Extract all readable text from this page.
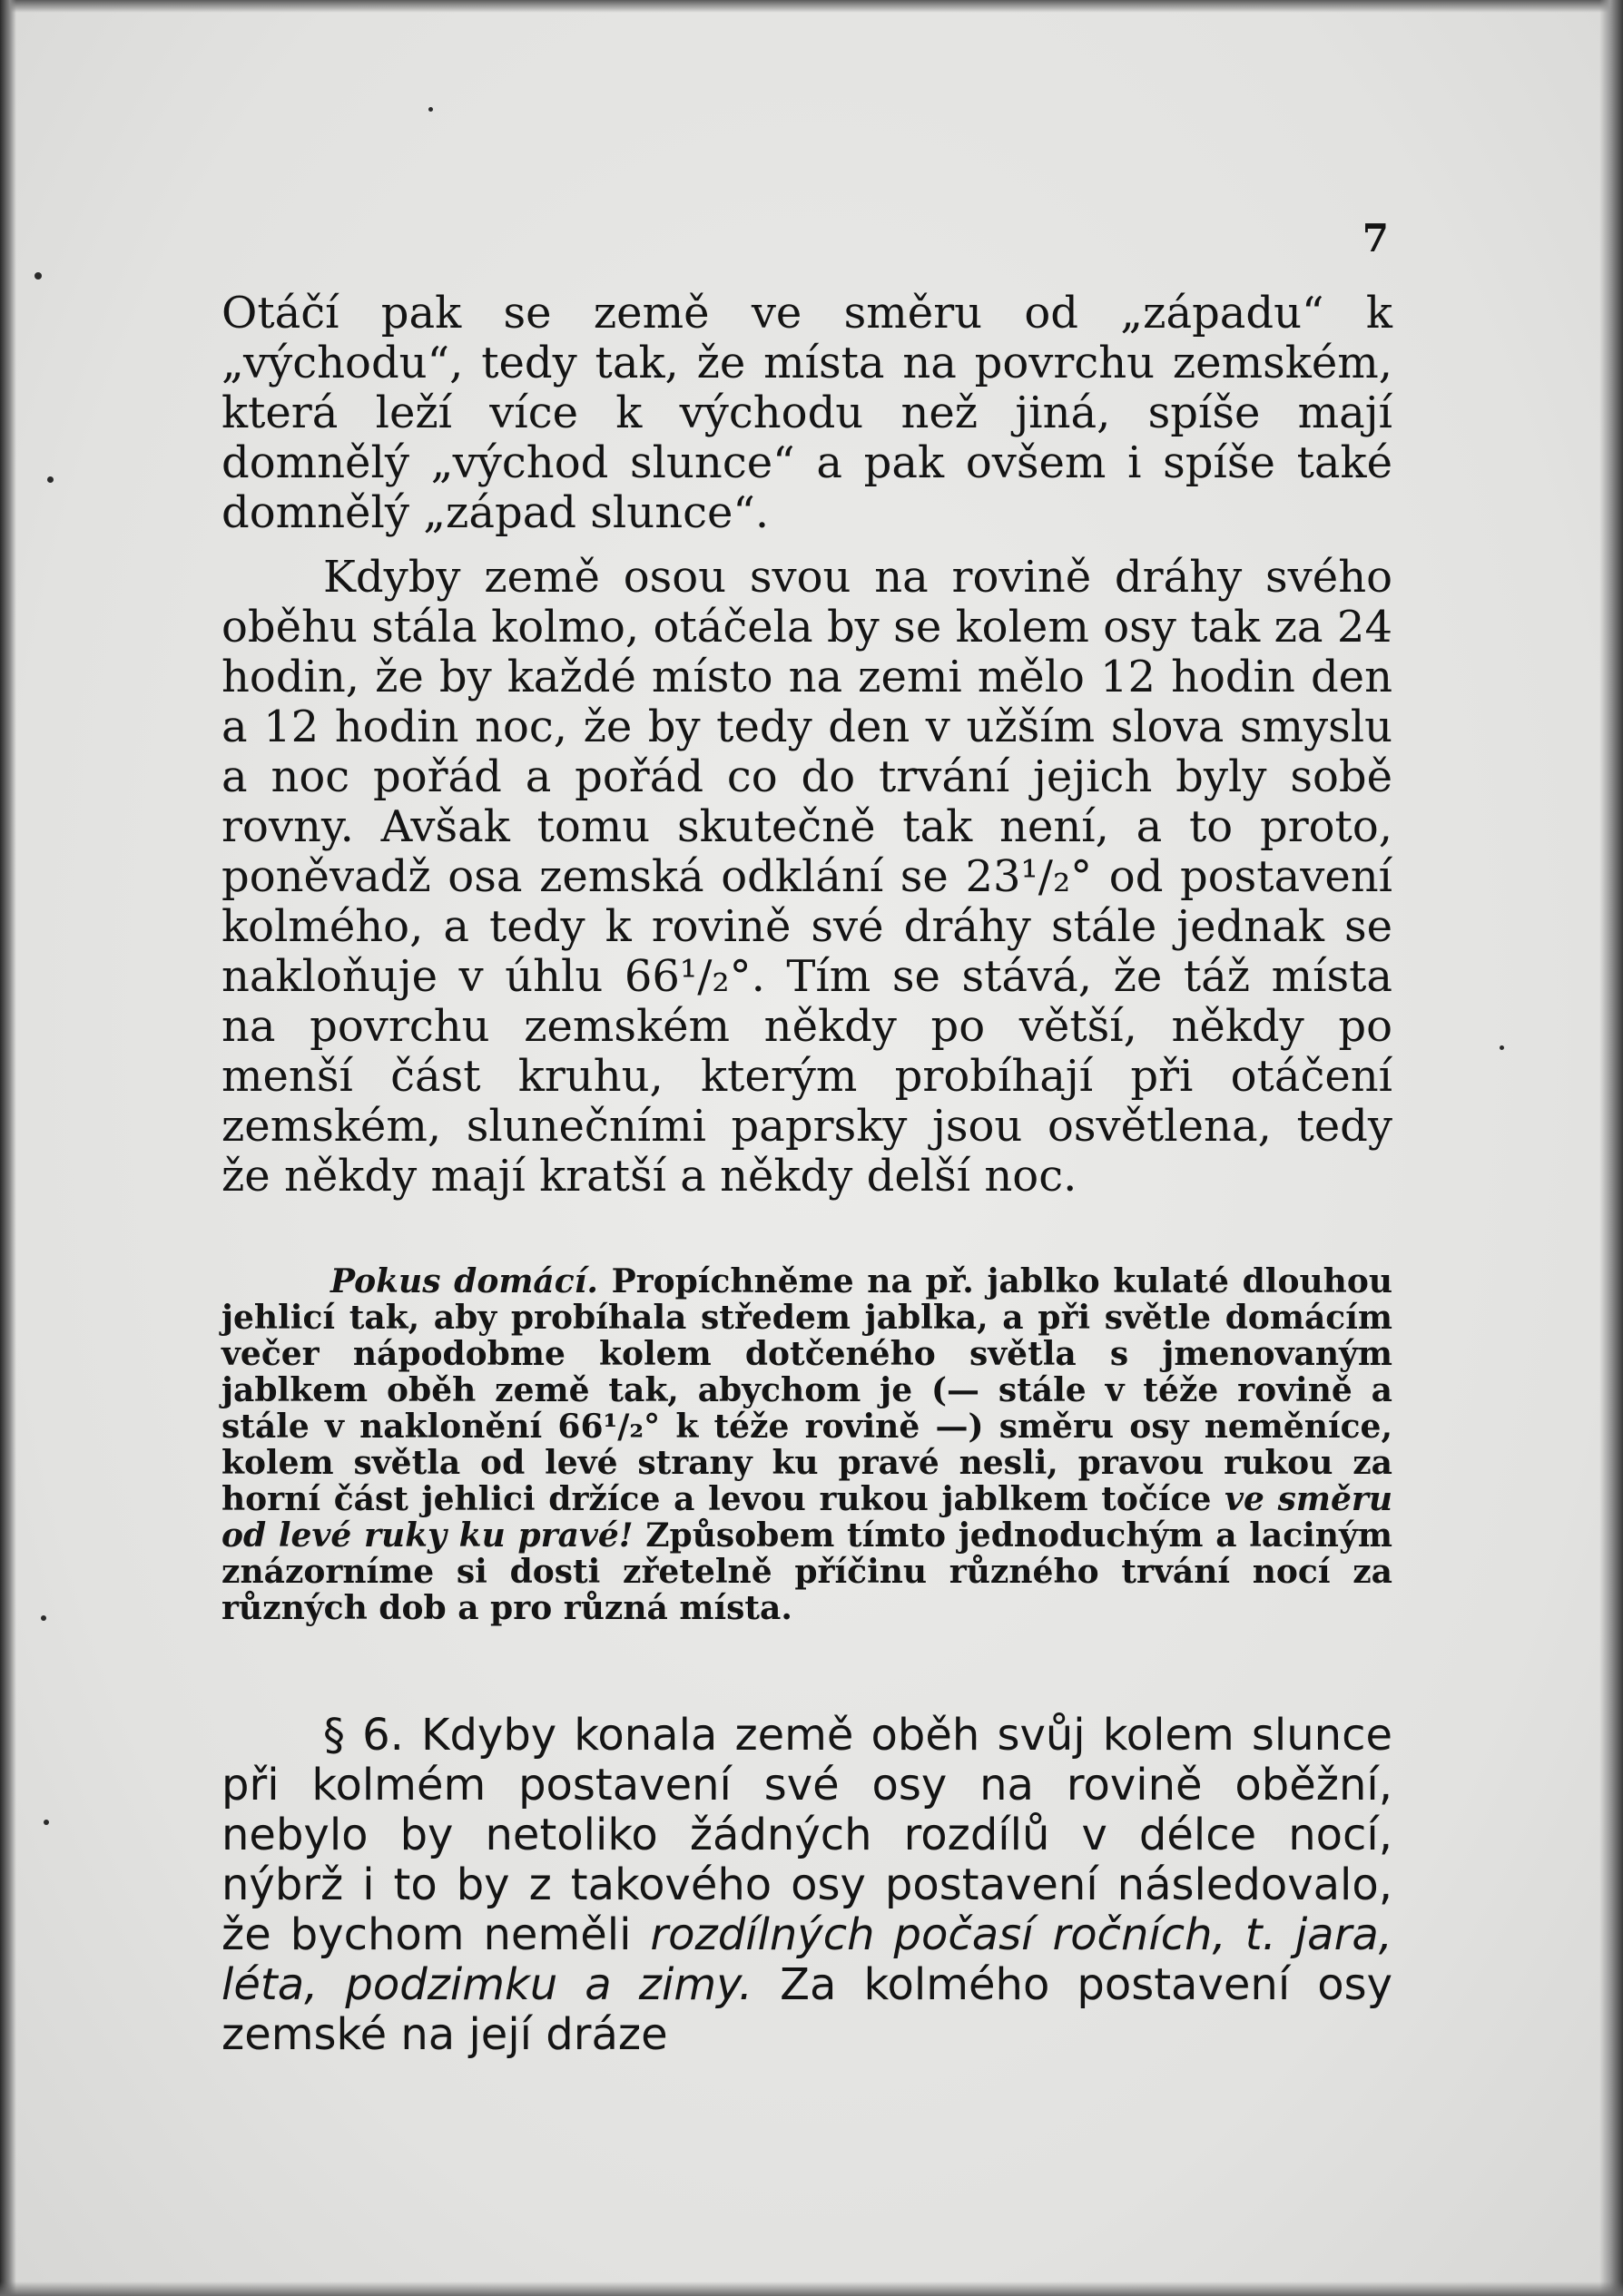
7

Otáčí pak se země ve směru od „západu“ k „východu“, tedy tak, že místa na povrchu zemském, která leží více k východu než jiná, spíše mají domnělý „východ slunce“ a pak ovšem i spíše také domnělý „západ slunce“.

Kdyby země osou svou na rovině dráhy svého oběhu stála kolmo, otáčela by se kolem osy tak za 24 hodin, že by každé místo na zemi mělo 12 hodin den a 12 hodin noc, že by tedy den v užším slova smyslu a noc pořád a pořád co do trvání jejich byly sobě rovny. Avšak tomu skutečně tak není, a to proto, poněvadž osa zemská odklání se 23¹/₂° od postavení kolmého, a tedy k rovině své dráhy stále jednak se nakloňuje v úhlu 66¹/₂°. Tím se stává, že táž místa na povrchu zemském někdy po větší, někdy po menší část kruhu, kterým probíhají při otáčení zemském, slunečními paprsky jsou osvětlena, tedy že někdy mají kratší a někdy delší noc.

Pokus domácí. Propíchněme na př. jablko kulaté dlouhou jehlicí tak, aby probíhala středem jablka, a při světle domácím večer nápodobme kolem dotčeného světla s jmenovaným jablkem oběh země tak, abychom je (— stále v téže rovině a stále v naklonění 66¹/₂° k téže rovině —) směru osy neměníce, kolem světla od levé strany ku pravé nesli, pravou rukou za horní část jehlici držíce a levou rukou jablkem točíce ve směru od levé ruky ku pravé! Způsobem tímto jednoduchým a laciným znázorníme si dosti zřetelně příčinu různého trvání nocí za různých dob a pro různá místa.

§ 6. Kdyby konala země oběh svůj kolem slunce při kolmém postavení své osy na rovině oběžní, nebylo by netoliko žádných rozdílů v délce nocí, nýbrž i to by z takového osy postavení následovalo, že bychom neměli rozdílných počasí ročních, t. jara, léta, podzimku a zimy. Za kolmého postavení osy zemské na její dráze
